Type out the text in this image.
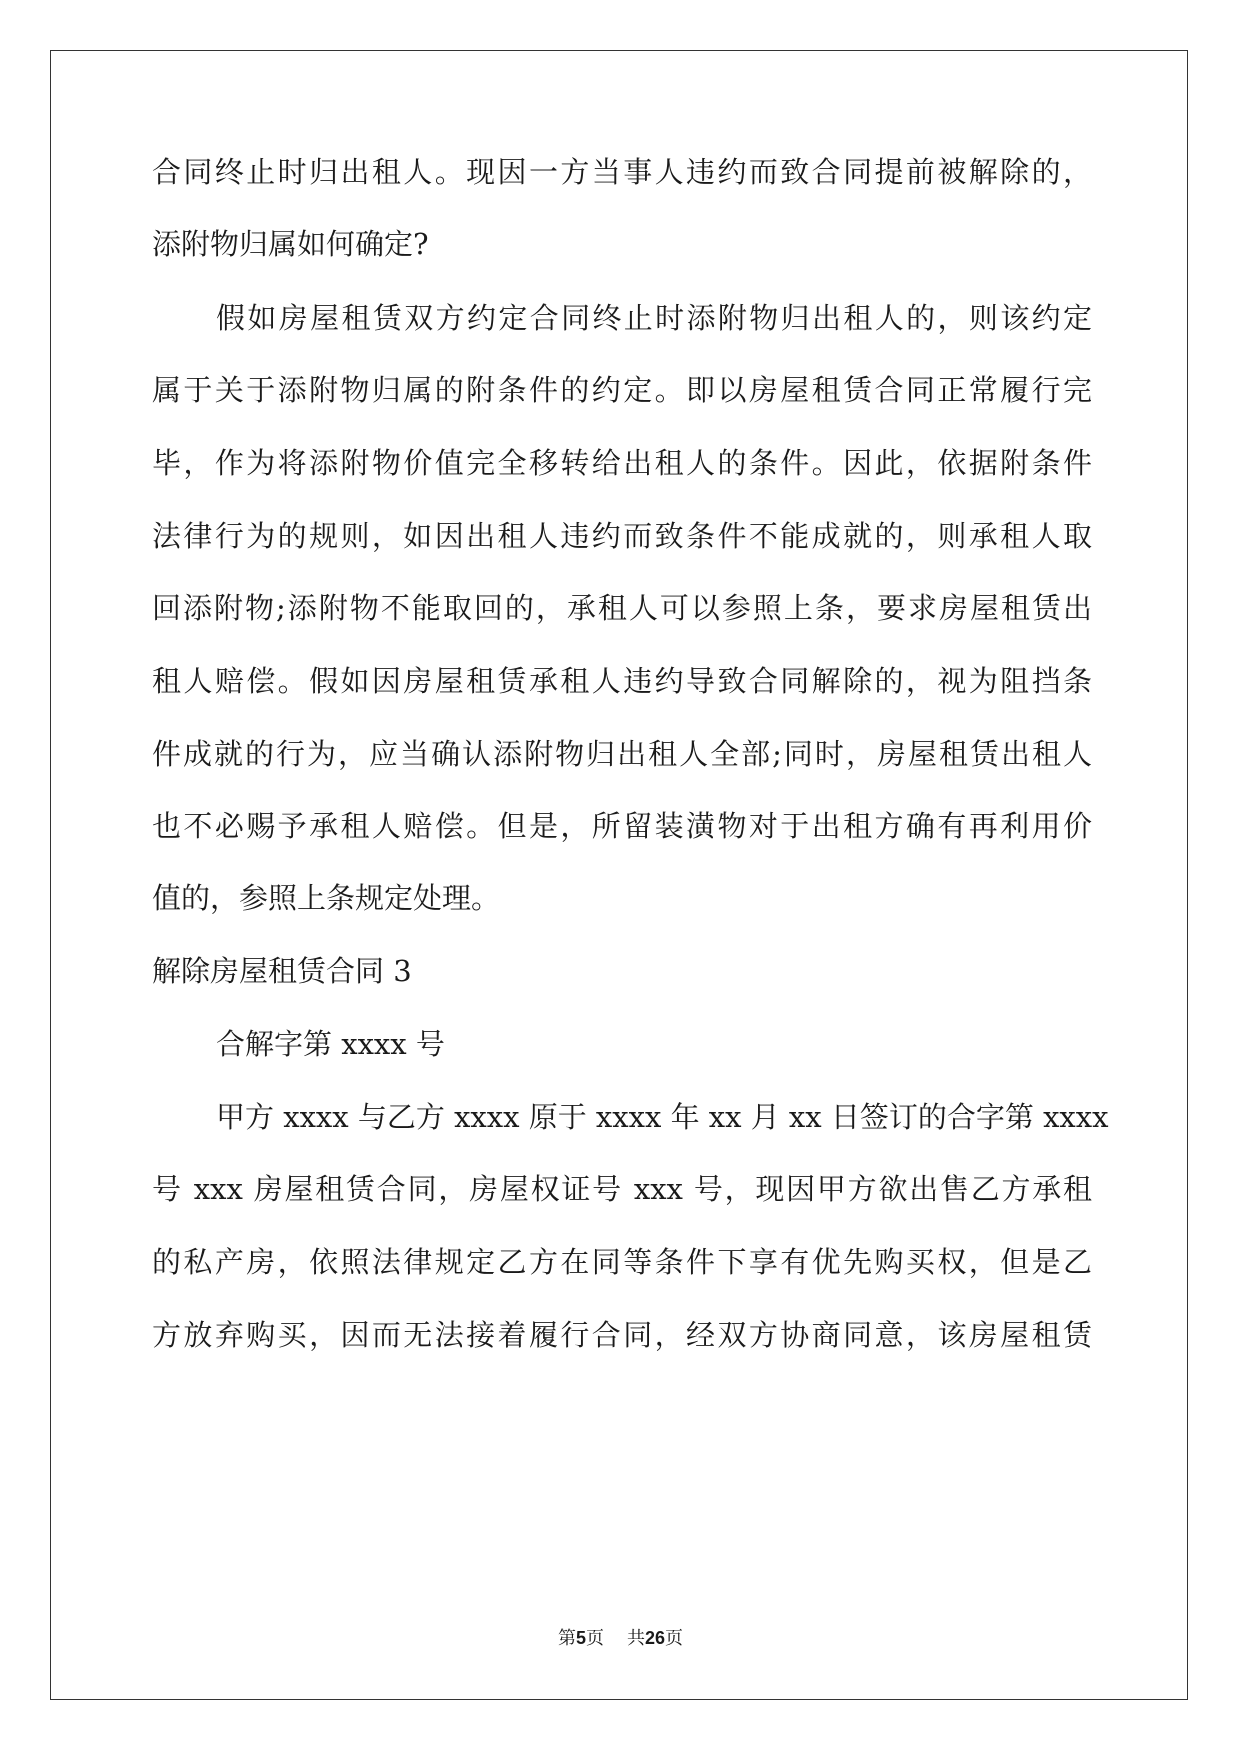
合同终止时归出租人。现因一方当事人违约而致合同提前被解除的，
添附物归属如何确定?
假如房屋租赁双方约定合同终止时添附物归出租人的，则该约定
属于关于添附物归属的附条件的约定。即以房屋租赁合同正常履行完
毕，作为将添附物价值完全移转给出租人的条件。因此，依据附条件
法律行为的规则，如因出租人违约而致条件不能成就的，则承租人取
回添附物;添附物不能取回的，承租人可以参照上条，要求房屋租赁出
租人赔偿。假如因房屋租赁承租人违约导致合同解除的，视为阻挡条
件成就的行为，应当确认添附物归出租人全部;同时，房屋租赁出租人
也不必赐予承租人赔偿。但是，所留装潢物对于出租方确有再利用价
值的，参照上条规定处理。
解除房屋租赁合同 3
合解字第 xxxx 号
甲方 xxxx 与乙方 xxxx 原于 xxxx 年 xx 月 xx 日签订的合字第 xxxx
号 xxx 房屋租赁合同，房屋权证号 xxx 号，现因甲方欲出售乙方承租
的私产房，依照法律规定乙方在同等条件下享有优先购买权，但是乙
方放弃购买，因而无法接着履行合同，经双方协商同意，该房屋租赁
第5页 共26页
